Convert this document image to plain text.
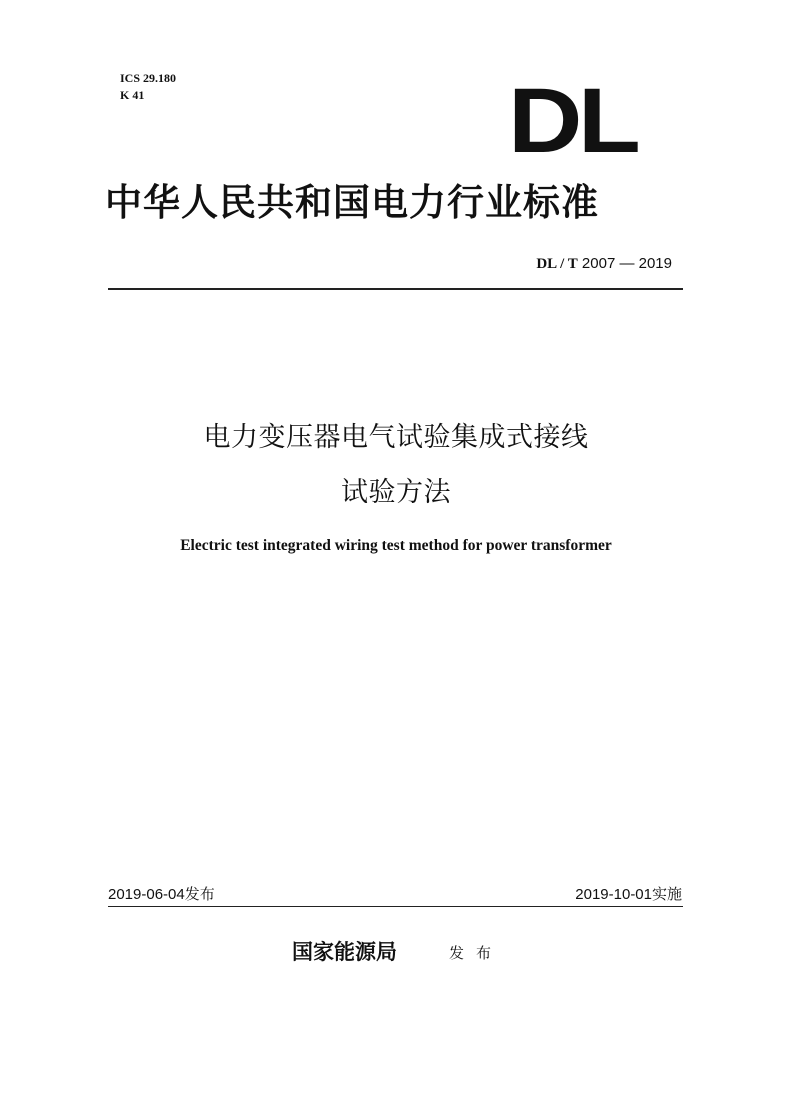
ICS 29.180
K 41	DL
中华人民共和国电力行业标准
DL / T 2007 — 2019
电力变压器电气试验集成式接线
试验方法
Electric test integrated wiring test method for power transformer
2019-06-04发布	2019-10-01实施
国家能源局	发布
